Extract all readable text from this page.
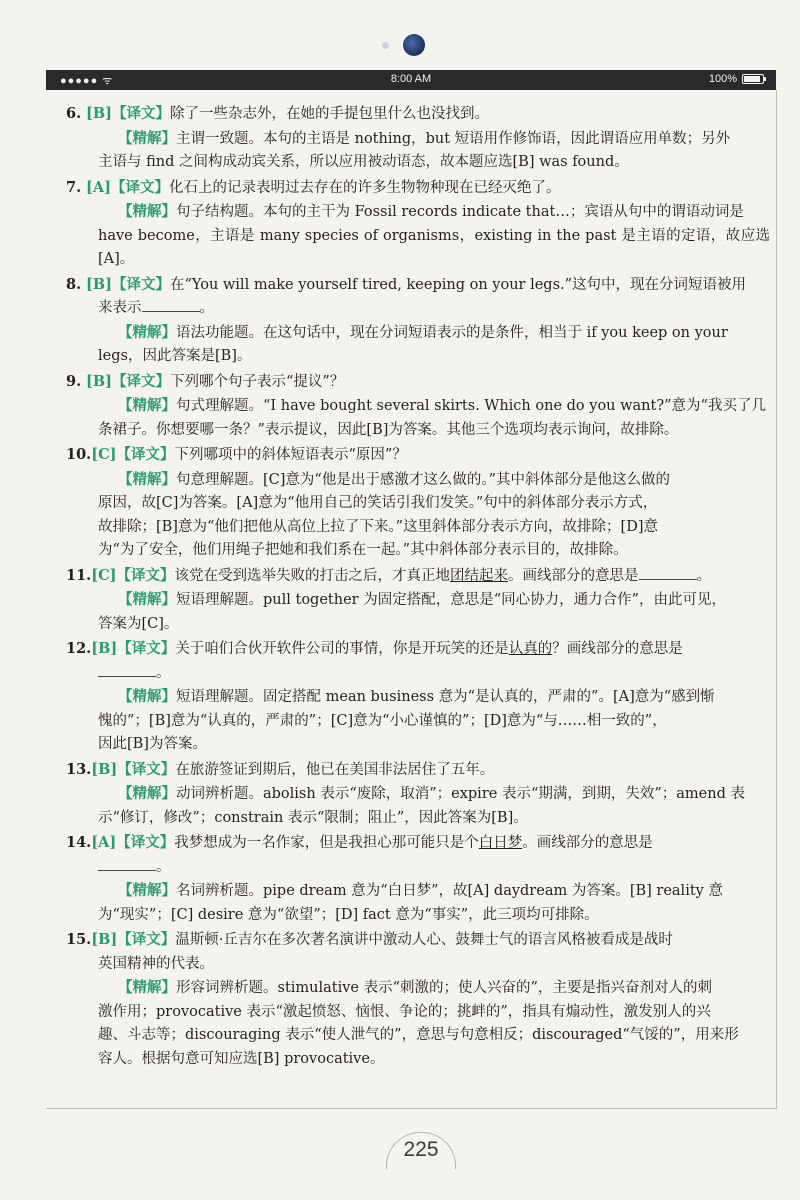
●●●●● ᯤ	8:00 AM	100%
6. [B]【译文】除了一些杂志外，在她的手提包里什么也没找到。
【精解】主谓一致题。本句的主语是 nothing，but 短语用作修饰语，因此谓语应用单数；另外
主语与 find 之间构成动宾关系，所以应用被动语态，故本题应选[B] was found。
7. [A]【译文】化石上的记录表明过去存在的许多生物物种现在已经灭绝了。
【精解】句子结构题。本句的主干为 Fossil records indicate that…；宾语从句中的谓语动词是
have become，主语是 many species of organisms，existing in the past 是主语的定语，故应选[A]。
8. [B]【译文】在“You will make yourself tired, keeping on your legs.”这句中，现在分词短语被用
来表示	。
【精解】语法功能题。在这句话中，现在分词短语表示的是条件，相当于 if you keep on your
legs，因此答案是[B]。
9. [B]【译文】下列哪个句子表示“提议”？
【精解】句式理解题。“I have bought several skirts. Which one do you want?”意为“我买了几
条裙子。你想要哪一条？”表示提议，因此[B]为答案。其他三个选项均表示询问，故排除。
10.[C]【译文】下列哪项中的斜体短语表示“原因”？
【精解】句意理解题。[C]意为“他是出于感激才这么做的。”其中斜体部分是他这么做的
原因，故[C]为答案。[A]意为“他用自己的笑话引我们发笑。”句中的斜体部分表示方式，
故排除；[B]意为“他们把他从高位上拉了下来。”这里斜体部分表示方向，故排除；[D]意
为“为了安全，他们用绳子把她和我们系在一起。”其中斜体部分表示目的，故排除。
11.[C]【译文】该党在受到选举失败的打击之后，才真正地团结起来。画线部分的意思是	。
【精解】短语理解题。pull together 为固定搭配，意思是“同心协力，通力合作”，由此可见，
答案为[C]。
12.[B]【译文】关于咱们合伙开软件公司的事情，你是开玩笑的还是认真的？画线部分的意思是
。
【精解】短语理解题。固定搭配 mean business 意为“是认真的，严肃的”。[A]意为“感到惭
愧的”；[B]意为“认真的，严肃的”；[C]意为“小心谨慎的”；[D]意为“与……相一致的”，
因此[B]为答案。
13.[B]【译文】在旅游签证到期后，他已在美国非法居住了五年。
【精解】动词辨析题。abolish 表示“废除，取消”；expire 表示“期满，到期，失效”；amend 表
示“修订，修改”；constrain 表示“限制；阻止”，因此答案为[B]。
14.[A]【译文】我梦想成为一名作家，但是我担心那可能只是个白日梦。画线部分的意思是
。
【精解】名词辨析题。pipe dream 意为“白日梦”，故[A] daydream 为答案。[B] reality 意
为“现实”；[C] desire 意为“欲望”；[D] fact 意为“事实”，此三项均可排除。
15.[B]【译文】温斯顿·丘吉尔在多次著名演讲中激动人心、鼓舞士气的语言风格被看成是战时
英国精神的代表。
【精解】形容词辨析题。stimulative 表示“刺激的；使人兴奋的”，主要是指兴奋剂对人的刺
激作用；provocative 表示“激起愤怒、恼恨、争论的；挑衅的”，指具有煽动性，激发别人的兴
趣、斗志等；discouraging 表示“使人泄气的”，意思与句意相反；discouraged“气馁的”，用来形
容人。根据句意可知应选[B] provocative。
225
